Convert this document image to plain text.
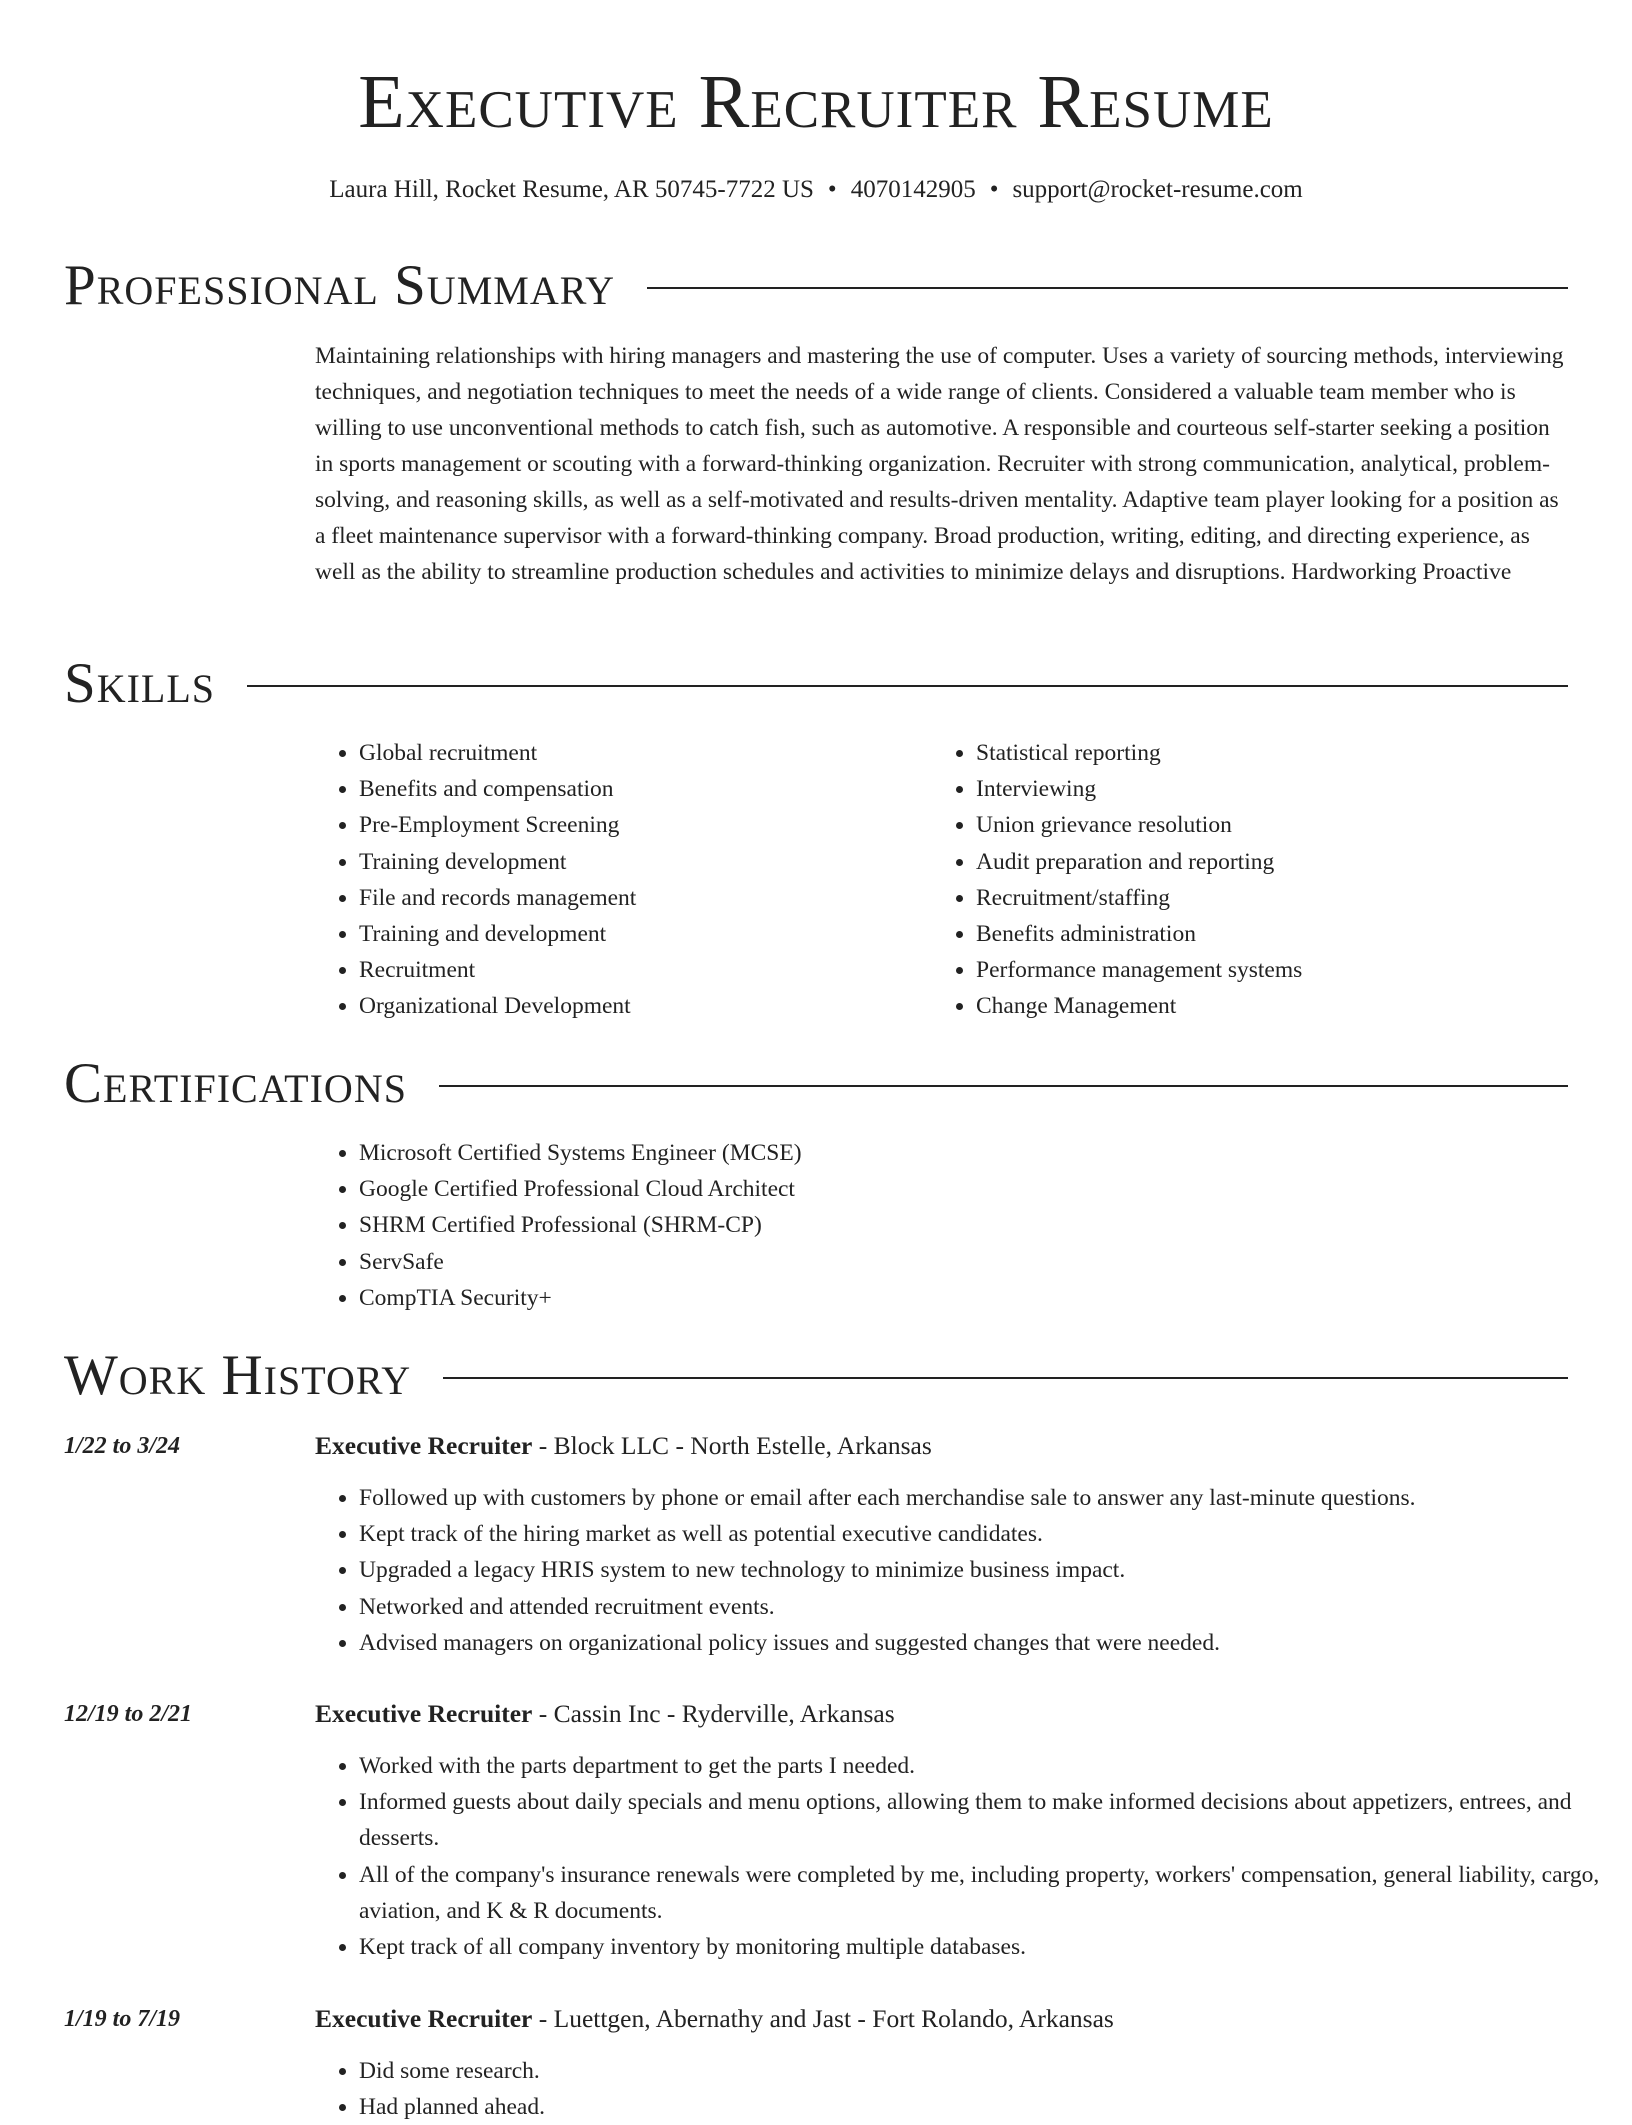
Executive Recruiter Resume
Laura Hill, Rocket Resume, AR 50745-7722 US • 4070142905 • support@rocket-resume.com
Professional Summary

Maintaining relationships with hiring managers and mastering the use of computer. Uses a variety of sourcing methods, interviewing techniques, and negotiation techniques to meet the needs of a wide range of clients. Considered a valuable team member who is willing to use unconventional methods to catch fish, such as automotive. A responsible and courteous self-starter seeking a position in sports management or scouting with a forward-thinking organization. Recruiter with strong communication, analytical, problem-solving, and reasoning skills, as well as a self-motivated and results-driven mentality. Adaptive team player looking for a position as a fleet maintenance supervisor with a forward-thinking company. Broad production, writing, editing, and directing experience, as well as the ability to streamline production schedules and activities to minimize delays and disruptions. Hardworking Proactive

Skills
• Global recruitment
• Benefits and compensation
• Pre-Employment Screening
• Training development
• File and records management
• Training and development
• Recruitment
• Organizational Development
• Statistical reporting
• Interviewing
• Union grievance resolution
• Audit preparation and reporting
• Recruitment/staffing
• Benefits administration
• Performance management systems
• Change Management
Certifications
• Microsoft Certified Systems Engineer (MCSE)
• Google Certified Professional Cloud Architect
• SHRM Certified Professional (SHRM-CP)
• ServSafe
• CompTIA Security+
Work History
1/22 to 3/24	Executive Recruiter - Block LLC - North Estelle, Arkansas
• Followed up with customers by phone or email after each merchandise sale to answer any last-minute questions.
• Kept track of the hiring market as well as potential executive candidates.
• Upgraded a legacy HRIS system to new technology to minimize business impact.
• Networked and attended recruitment events.
• Advised managers on organizational policy issues and suggested changes that were needed.
12/19 to 2/21	Executive Recruiter - Cassin Inc - Ryderville, Arkansas
• Worked with the parts department to get the parts I needed.
• Informed guests about daily specials and menu options, allowing them to make informed decisions about appetizers, entrees, and desserts.
• All of the company's insurance renewals were completed by me, including property, workers' compensation, general liability, cargo, aviation, and K & R documents.
• Kept track of all company inventory by monitoring multiple databases.
1/19 to 7/19	Executive Recruiter - Luettgen, Abernathy and Jast - Fort Rolando, Arkansas
• Did some research.
• Had planned ahead.
